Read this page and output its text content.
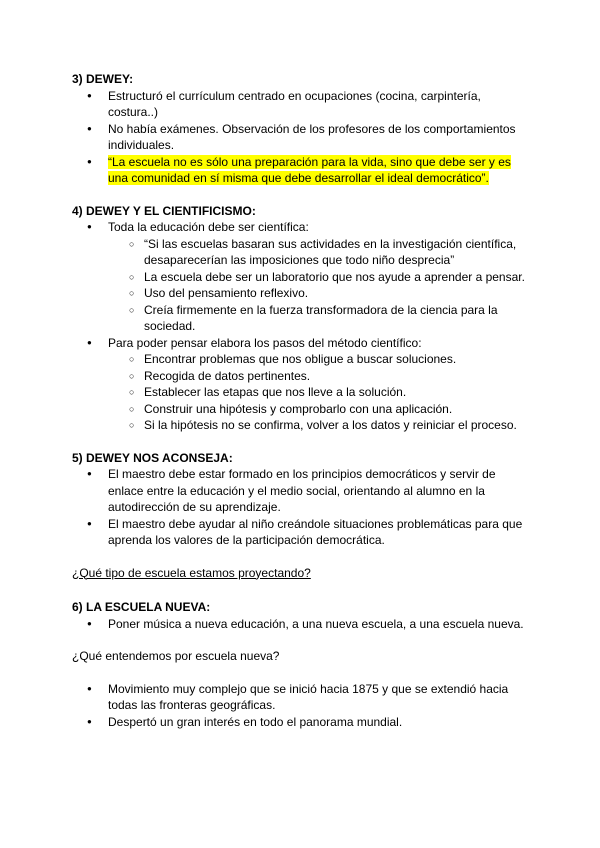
3) DEWEY:
● Estructuró el currículum centrado en ocupaciones (cocina, carpintería, costura..)
● No había exámenes. Observación de los profesores de los comportamientos individuales.
● “La escuela no es sólo una preparación para la vida, sino que debe ser y es una comunidad en sí misma que debe desarrollar el ideal democrático”.
4) DEWEY Y EL CIENTIFICISMO:
● Toda la educación debe ser científica:
○ “Si las escuelas basaran sus actividades en la investigación científica, desaparecerían las imposiciones que todo niño desprecia”
○ La escuela debe ser un laboratorio que nos ayude a aprender a pensar.
○ Uso del pensamiento reflexivo.
○ Creía firmemente en la fuerza transformadora de la ciencia para la sociedad.
● Para poder pensar elabora los pasos del método científico:
○ Encontrar problemas que nos obligue a buscar soluciones.
○ Recogida de datos pertinentes.
○ Establecer las etapas que nos lleve a la solución.
○ Construir una hipótesis y comprobarlo con una aplicación.
○ Si la hipótesis no se confirma, volver a los datos y reiniciar el proceso.
5) DEWEY NOS ACONSEJA:
● El maestro debe estar formado en los principios democráticos y servir de enlace entre la educación y el medio social, orientando al alumno en la autodirección de su aprendizaje.
● El maestro debe ayudar al niño creándole situaciones problemáticas para que aprenda los valores de la participación democrática.

¿Qué tipo de escuela estamos proyectando?

6) LA ESCUELA NUEVA:
● Poner música a nueva educación, a una nueva escuela, a una escuela nueva.

¿Qué entendemos por escuela nueva?

● Movimiento muy complejo que se inició hacia 1875 y que se extendió hacia todas las fronteras geográficas.
● Despertó un gran interés en todo el panorama mundial.
